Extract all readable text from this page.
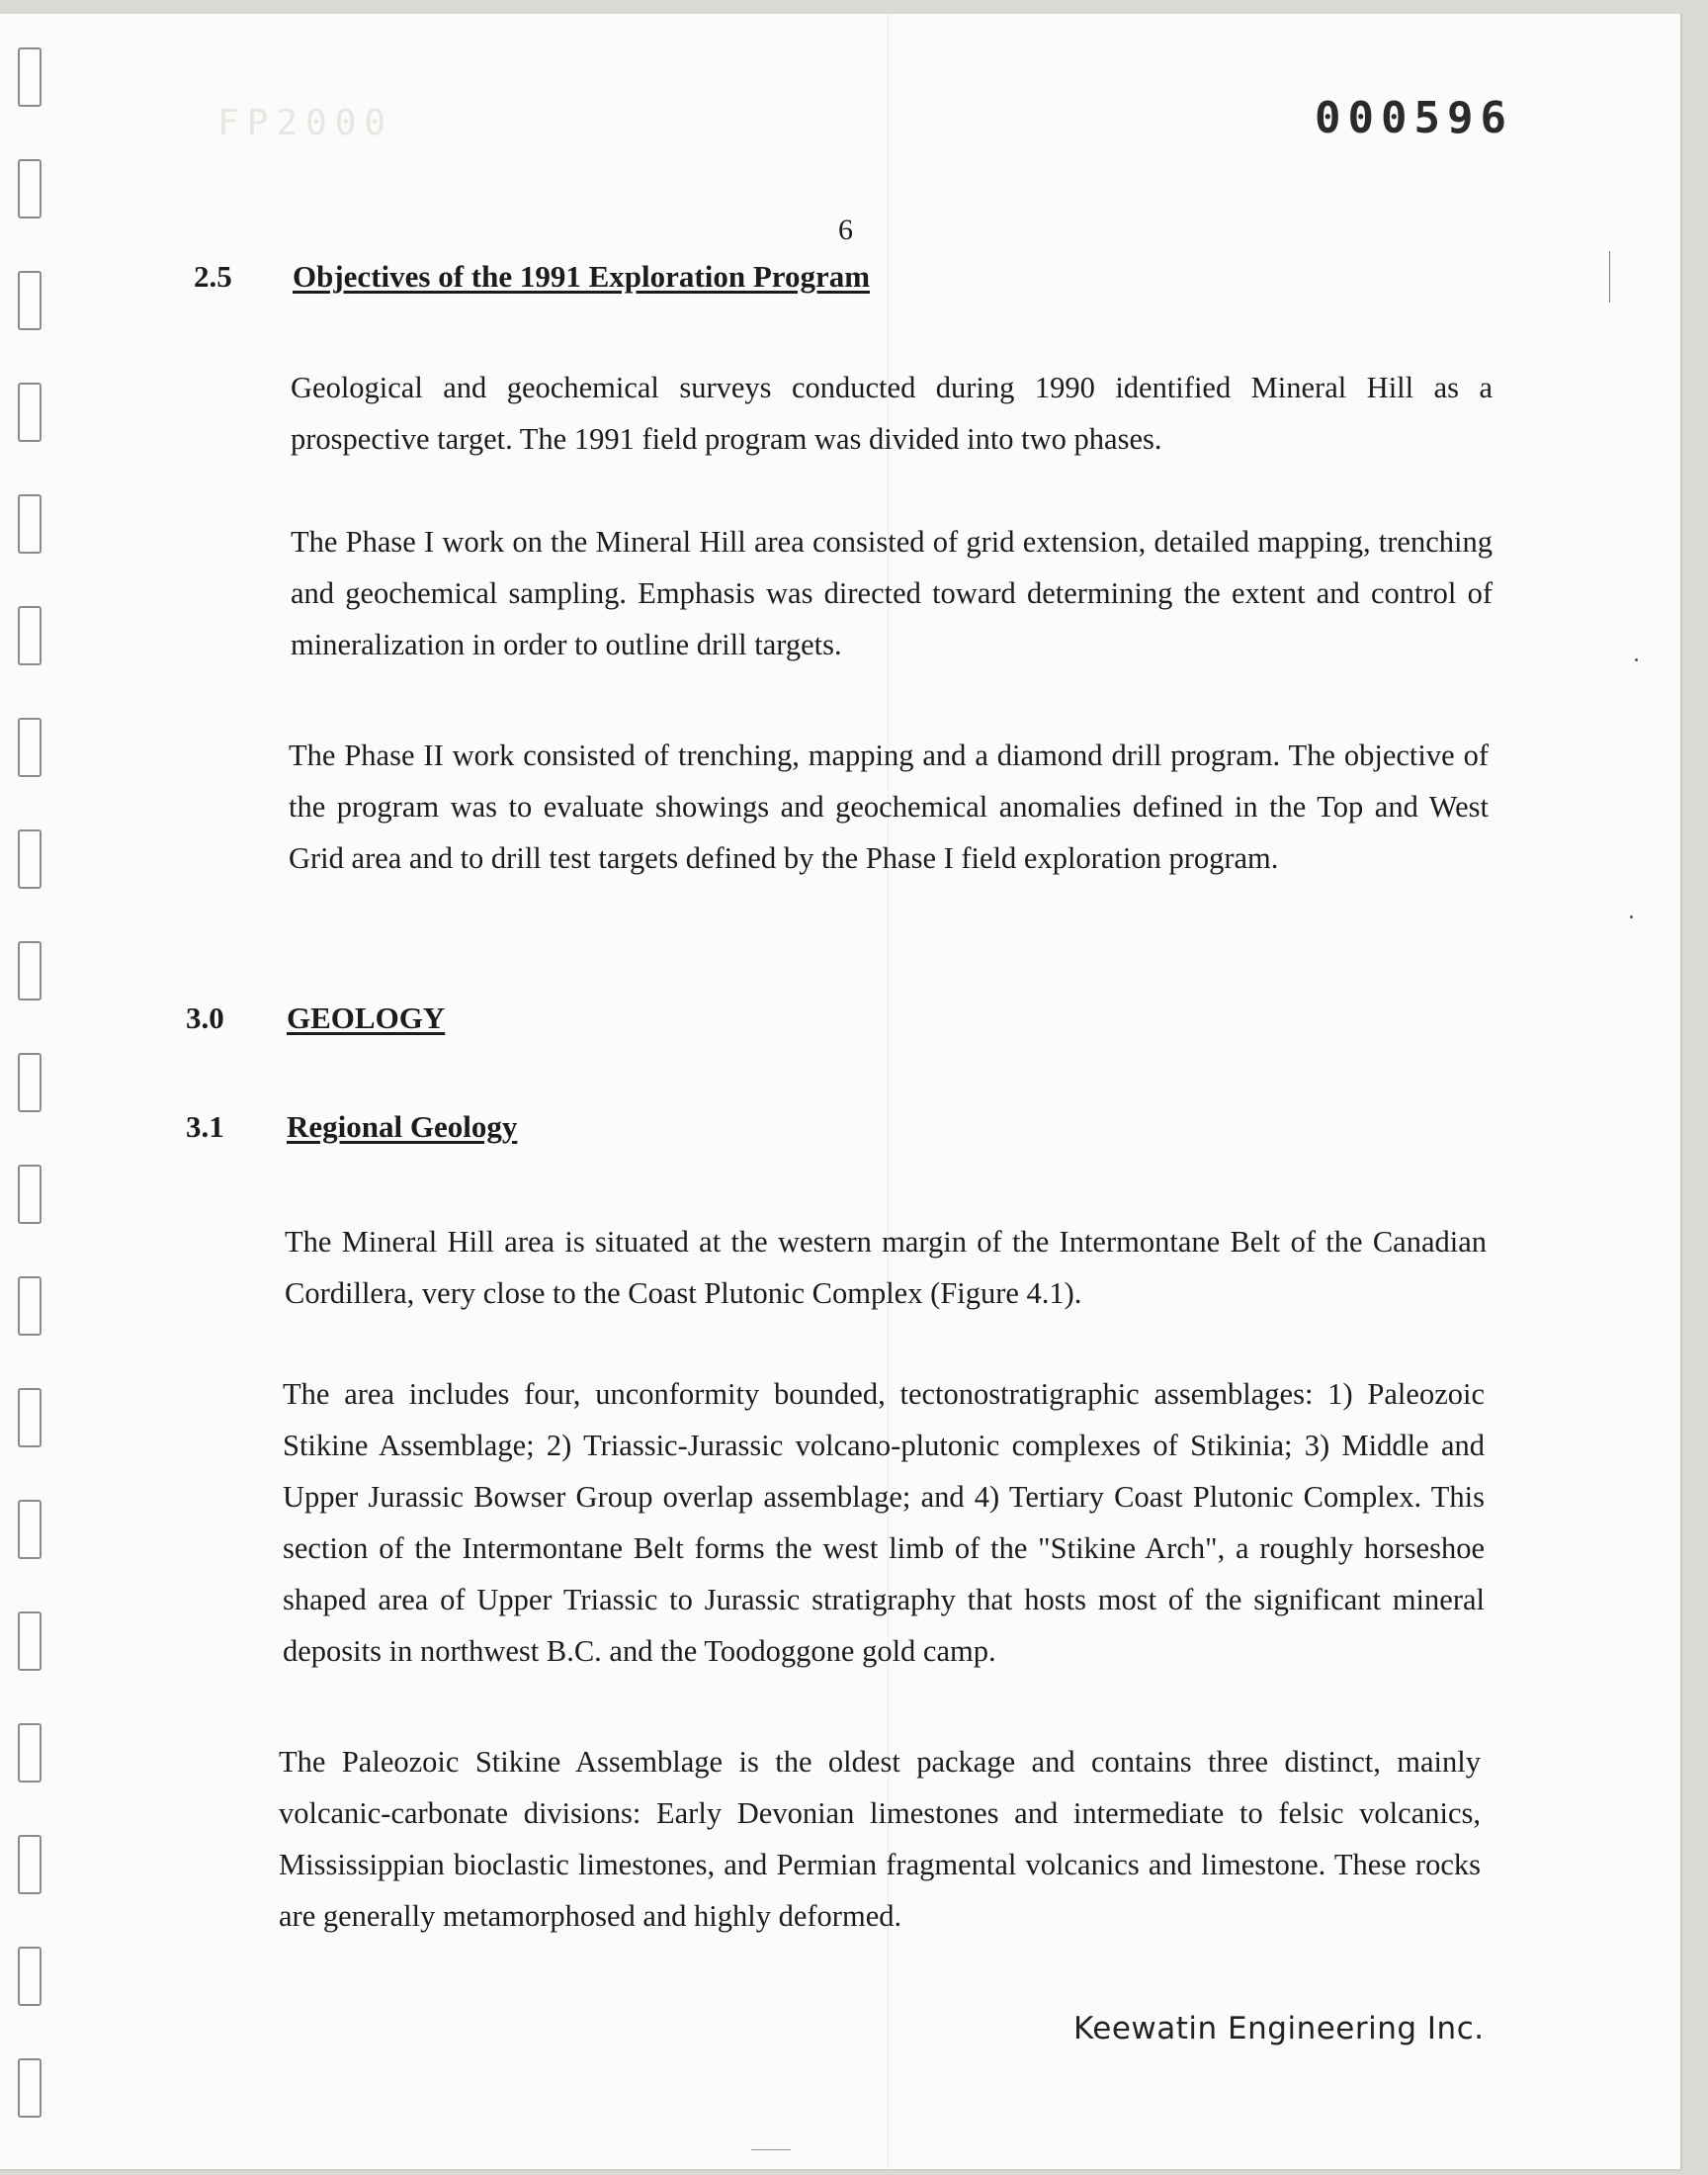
FP2000	000596
6
2.5 Objectives of the 1991 Exploration Program
Geological and geochemical surveys conducted during 1990 identified Mineral Hill as a prospective target. The 1991 field program was divided into two phases.
The Phase I work on the Mineral Hill area consisted of grid extension, detailed mapping, trenching and geochemical sampling. Emphasis was directed toward determining the extent and control of mineralization in order to outline drill targets.
The Phase II work consisted of trenching, mapping and a diamond drill program. The objective of the program was to evaluate showings and geochemical anomalies defined in the Top and West Grid area and to drill test targets defined by the Phase I field exploration program.
3.0 GEOLOGY
3.1 Regional Geology
The Mineral Hill area is situated at the western margin of the Intermontane Belt of the Canadian Cordillera, very close to the Coast Plutonic Complex (Figure 4.1).
The area includes four, unconformity bounded, tectonostratigraphic assemblages: 1) Paleozoic Stikine Assemblage; 2) Triassic-Jurassic volcano-plutonic complexes of Stikinia; 3) Middle and Upper Jurassic Bowser Group overlap assemblage; and 4) Tertiary Coast Plutonic Complex. This section of the Intermontane Belt forms the west limb of the "Stikine Arch", a roughly horseshoe shaped area of Upper Triassic to Jurassic stratigraphy that hosts most of the significant mineral deposits in northwest B.C. and the Toodoggone gold camp.
The Paleozoic Stikine Assemblage is the oldest package and contains three distinct, mainly volcanic-carbonate divisions: Early Devonian limestones and intermediate to felsic volcanics, Mississippian bioclastic limestones, and Permian fragmental volcanics and limestone. These rocks are generally metamorphosed and highly deformed.
Keewatin Engineering Inc.
